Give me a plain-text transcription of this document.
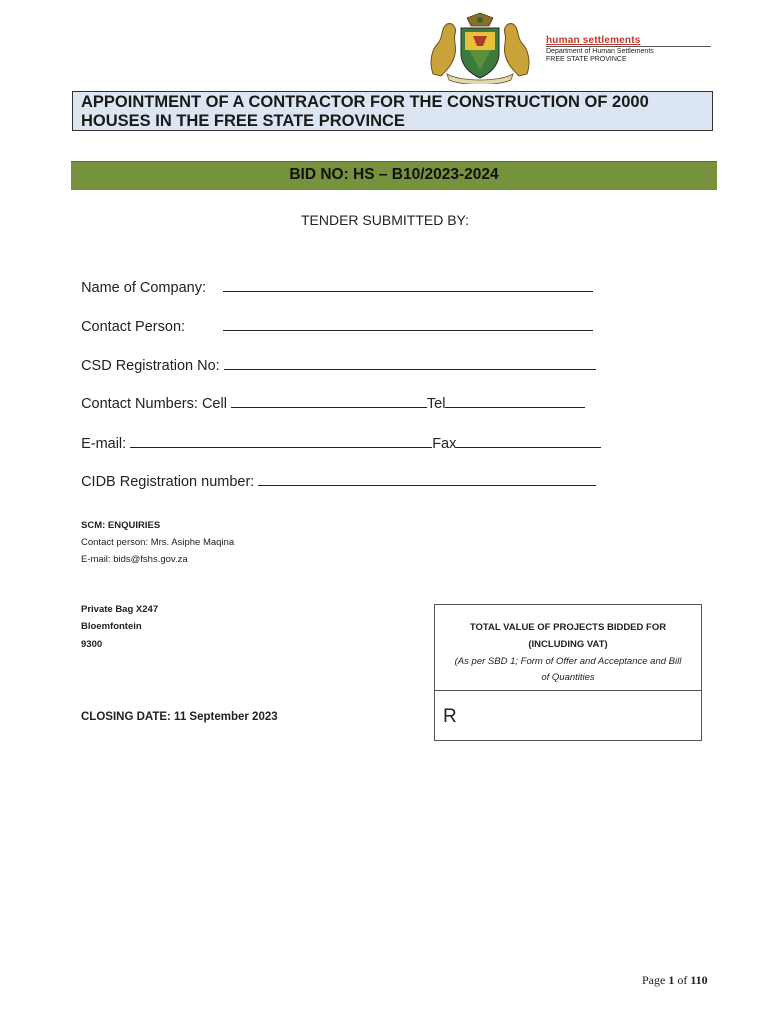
human settlements
Department of Human Settlements
FREE STATE PROVINCE
APPOINTMENT OF A CONTRACTOR FOR THE CONSTRUCTION OF 2000
HOUSES IN THE FREE STATE PROVINCE
BID NO: HS – B10/2023-2024
TENDER SUBMITTED BY:

Name of Company:

Contact Person:

CSD Registration No:

Contact Numbers: Cell	Tel

E-mail:	Fax

CIDB Registration number:

SCM: ENQUIRIES
Contact person: Mrs. Asiphe Maqina
E-mail: bids@fshs.gov.za
Private Bag X247
Bloemfontein
9300
CLOSING DATE: 11 September 2023
TOTAL VALUE OF PROJECTS BIDDED FOR
(INCLUDING VAT)
(As per SBD 1; Form of Offer and Acceptance and Bill
of Quantities
R
Page 1 of 110
